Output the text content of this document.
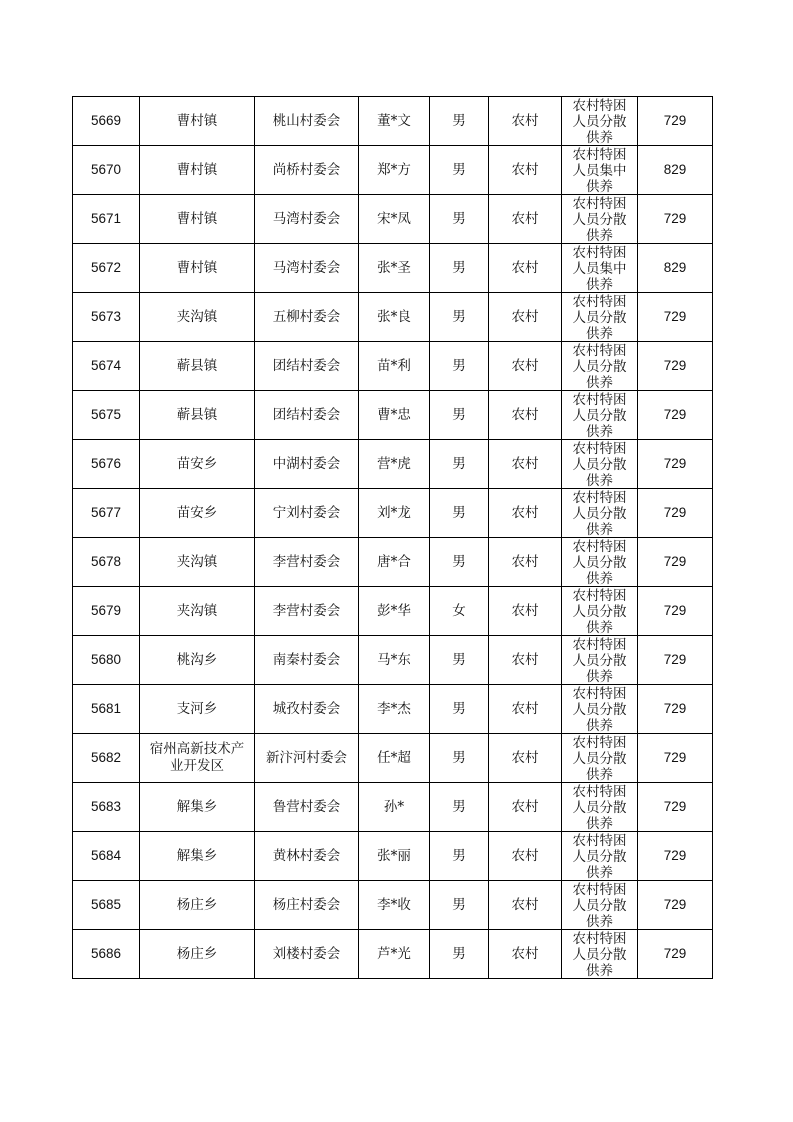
5669	曹村镇	桃山村委会	董*文	男	农村	农村特困人员分散供养	729
5670	曹村镇	尚桥村委会	郑*方	男	农村	农村特困人员集中供养	829
5671	曹村镇	马湾村委会	宋*凤	男	农村	农村特困人员分散供养	729
5672	曹村镇	马湾村委会	张*圣	男	农村	农村特困人员集中供养	829
5673	夹沟镇	五柳村委会	张*良	男	农村	农村特困人员分散供养	729
5674	蕲县镇	团结村委会	苗*利	男	农村	农村特困人员分散供养	729
5675	蕲县镇	团结村委会	曹*忠	男	农村	农村特困人员分散供养	729
5676	苗安乡	中湖村委会	营*虎	男	农村	农村特困人员分散供养	729
5677	苗安乡	宁刘村委会	刘*龙	男	农村	农村特困人员分散供养	729
5678	夹沟镇	李营村委会	唐*合	男	农村	农村特困人员分散供养	729
5679	夹沟镇	李营村委会	彭*华	女	农村	农村特困人员分散供养	729
5680	桃沟乡	南秦村委会	马*东	男	农村	农村特困人员分散供养	729
5681	支河乡	城孜村委会	李*杰	男	农村	农村特困人员分散供养	729
5682	宿州高新技术产业开发区	新汴河村委会	任*超	男	农村	农村特困人员分散供养	729
5683	解集乡	鲁营村委会	孙*	男	农村	农村特困人员分散供养	729
5684	解集乡	黄林村委会	张*丽	男	农村	农村特困人员分散供养	729
5685	杨庄乡	杨庄村委会	李*收	男	农村	农村特困人员分散供养	729
5686	杨庄乡	刘楼村委会	芦*光	男	农村	农村特困人员分散供养	729
